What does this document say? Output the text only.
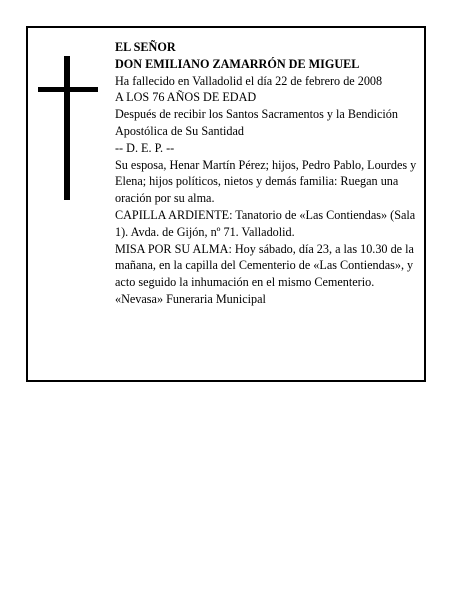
EL SEÑOR

DON EMILIANO ZAMARRÓN DE MIGUEL

Ha fallecido en Valladolid el día 22 de febrero de 2008

A LOS 76 AÑOS DE EDAD

Después de recibir los Santos Sacramentos y la Bendición Apostólica de Su Santidad

-- D. E. P. --

Su esposa, Henar Martín Pérez; hijos, Pedro Pablo, Lourdes y Elena; hijos políticos, nietos y demás familia: Ruegan una oración por su alma.

CAPILLA ARDIENTE: Tanatorio de «Las Contiendas» (Sala 1). Avda. de Gijón, nº 71. Valladolid.

MISA POR SU ALMA: Hoy sábado, día 23, a las 10.30 de la mañana, en la capilla del Cementerio de «Las Contiendas», y acto seguido la inhumación en el mismo Cementerio.

«Nevasa» Funeraria Municipal
